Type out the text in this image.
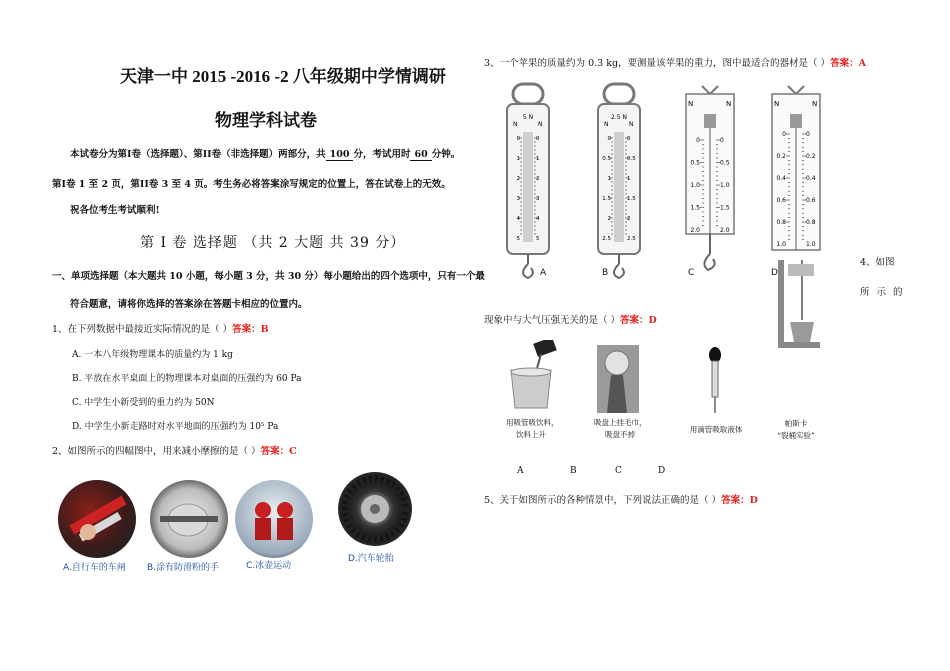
天津一中 2015 -2016 -2 八年级期中学情调研
物理学科试卷
本试卷分为第I卷（选择题）、第II卷（非选择题）两部分，共 100 分，考试用时 60 分钟。
第I卷 1 至 2 页，第II卷 3 至 4 页。考生务必将答案涂写规定的位置上，答在试卷上的无效。
祝各位考生考试顺利!
第 Ⅰ 卷 选择题 （共 2 大题 共 39 分）
一、单项选择题（本大题共 10 小题，每小题 3 分，共 30 分）每小题给出的四个选项中，只有一个最
符合题意，请将你选择的答案涂在答题卡相应的位置内。
1、在下列数据中最接近实际情况的是（ ）答案：B
A. 一本八年级物理课本的质量约为 1 kg
B. 平放在水平桌面上的物理课本对桌面的压强约为 60 Pa
C. 中学生小新受到的重力约为 50N
D. 中学生小新走路时对水平地面的压强约为 10⁵ Pa
2、如图所示的四幅图中，用来减小摩擦的是（ ）答案：C
A.自行车的车闸 B.涂有防滑粉的手	C.冰壶运动
D.汽车轮胎
3、一个苹果的质量约为 0.3 kg，要测量该苹果的重力，图中最适合的器材是（ ）答案：A
5 N
N	N
0	0
1	1
2	2
3	3
4	4
5	5
A
2.5 N
N	N
0	0
0.5	0.5
1	1
1.5	1.5
2	2
2.5	2.5
B
N	N
0	0
0.5	0.5
1.0	1.0
1.5	1.5
2.0	2.0
C
N	N
0	0
0.2	0.2
0.4	0.4
0.6	0.6
0.8	0.8
1.0	1.0
D
4、如图
所 示 的
现象中与大气压强无关的是（ ）答案：D
用吸管吸饮料，
饮料上升
吸盘上挂毛巾，
吸盘不掉
用滴管吸取液体
帕斯卡
“裂桶实验”
A	B	C	D
5、关于如图所示的各种情景中，下列说法正确的是（ ）答案：D
